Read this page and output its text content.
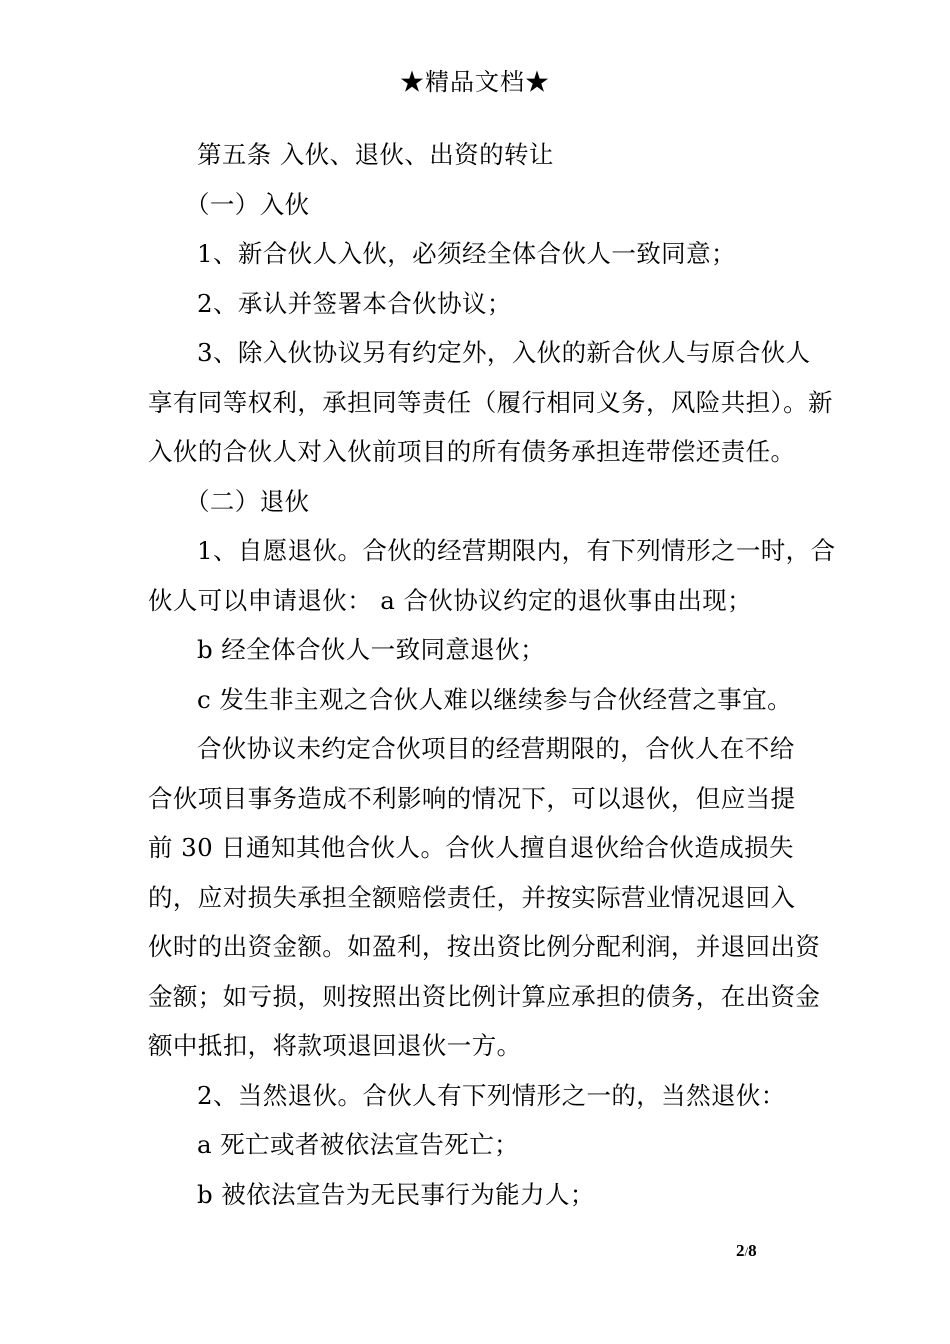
★精品文档★
第五条 入伙、退伙、出资的转让
（一）入伙
1、新合伙人入伙，必须经全体合伙人一致同意；
2、承认并签署本合伙协议；
3、除入伙协议另有约定外，入伙的新合伙人与原合伙人
享有同等权利，承担同等责任（履行相同义务，风险共担）。新
入伙的合伙人对入伙前项目的所有债务承担连带偿还责任。
（二）退伙
1、自愿退伙。合伙的经营期限内，有下列情形之一时，合
伙人可以申请退伙： a 合伙协议约定的退伙事由出现；
b 经全体合伙人一致同意退伙；
c 发生非主观之合伙人难以继续参与合伙经营之事宜。
合伙协议未约定合伙项目的经营期限的，合伙人在不给
合伙项目事务造成不利影响的情况下，可以退伙，但应当提
前 30 日通知其他合伙人。合伙人擅自退伙给合伙造成损失
的，应对损失承担全额赔偿责任，并按实际营业情况退回入
伙时的出资金额。如盈利，按出资比例分配利润，并退回出资
金额；如亏损，则按照出资比例计算应承担的债务，在出资金
额中抵扣，将款项退回退伙一方。
2、当然退伙。合伙人有下列情形之一的，当然退伙：
a 死亡或者被依法宣告死亡；
b 被依法宣告为无民事行为能力人；
2/8
